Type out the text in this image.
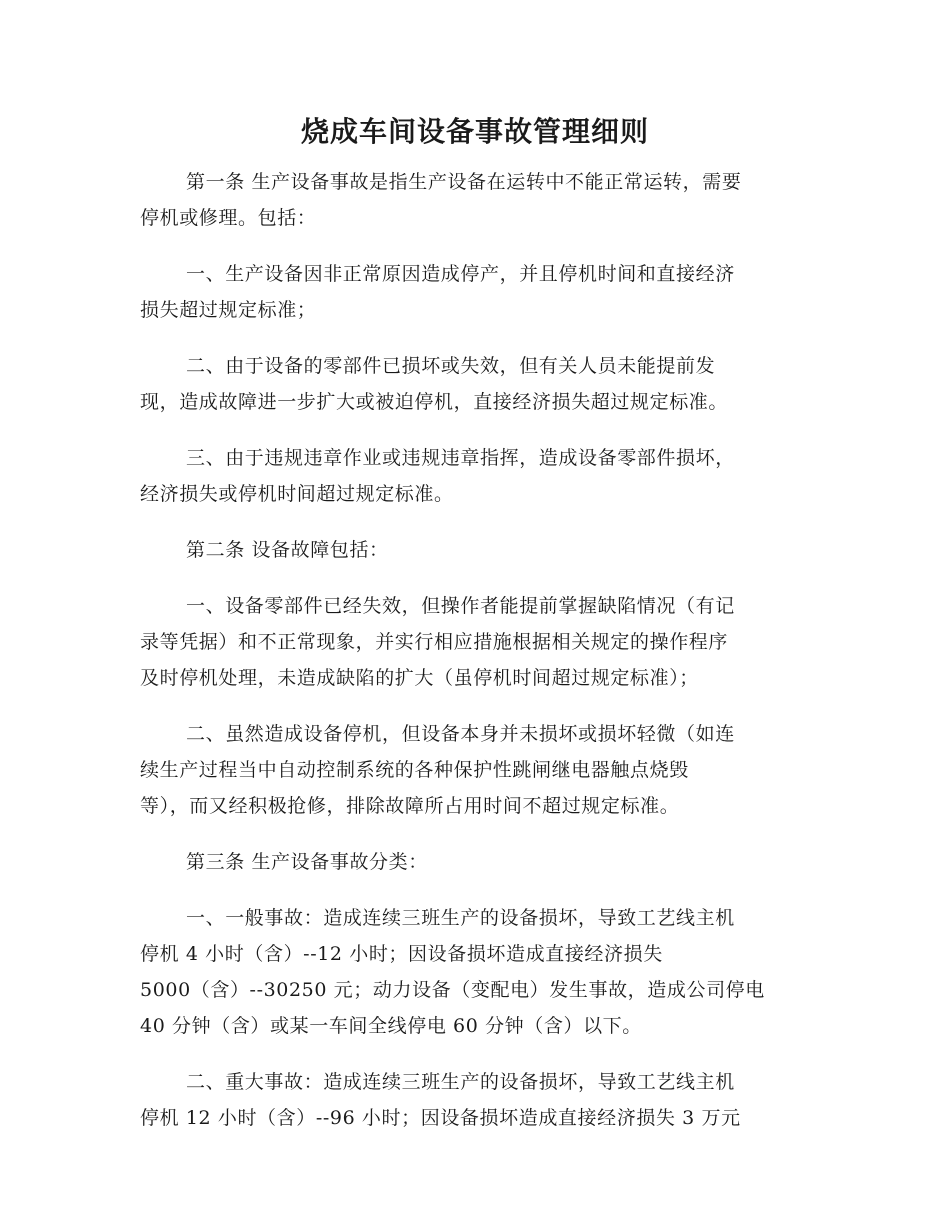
烧成车间设备事故管理细则

第一条 生产设备事故是指生产设备在运转中不能正常运转，需要
停机或修理。包括：

一、生产设备因非正常原因造成停产，并且停机时间和直接经济
损失超过规定标准；

二、由于设备的零部件已损坏或失效，但有关人员未能提前发
现，造成故障进一步扩大或被迫停机，直接经济损失超过规定标准。

三、由于违规违章作业或违规违章指挥，造成设备零部件损坏，
经济损失或停机时间超过规定标准。

第二条 设备故障包括：

一、设备零部件已经失效，但操作者能提前掌握缺陷情况（有记
录等凭据）和不正常现象，并实行相应措施根据相关规定的操作程序
及时停机处理，未造成缺陷的扩大（虽停机时间超过规定标准）；

二、虽然造成设备停机，但设备本身并未损坏或损坏轻微（如连
续生产过程当中自动控制系统的各种保护性跳闸继电器触点烧毁
等），而又经积极抢修，排除故障所占用时间不超过规定标准。

第三条 生产设备事故分类：

一、一般事故：造成连续三班生产的设备损坏，导致工艺线主机
停机 4 小时（含）--12 小时；因设备损坏造成直接经济损失
5000（含）--30250 元；动力设备（变配电）发生事故，造成公司停电
40 分钟（含）或某一车间全线停电 60 分钟（含）以下。

二、重大事故：造成连续三班生产的设备损坏，导致工艺线主机
停机 12 小时（含）--96 小时；因设备损坏造成直接经济损失 3 万元
